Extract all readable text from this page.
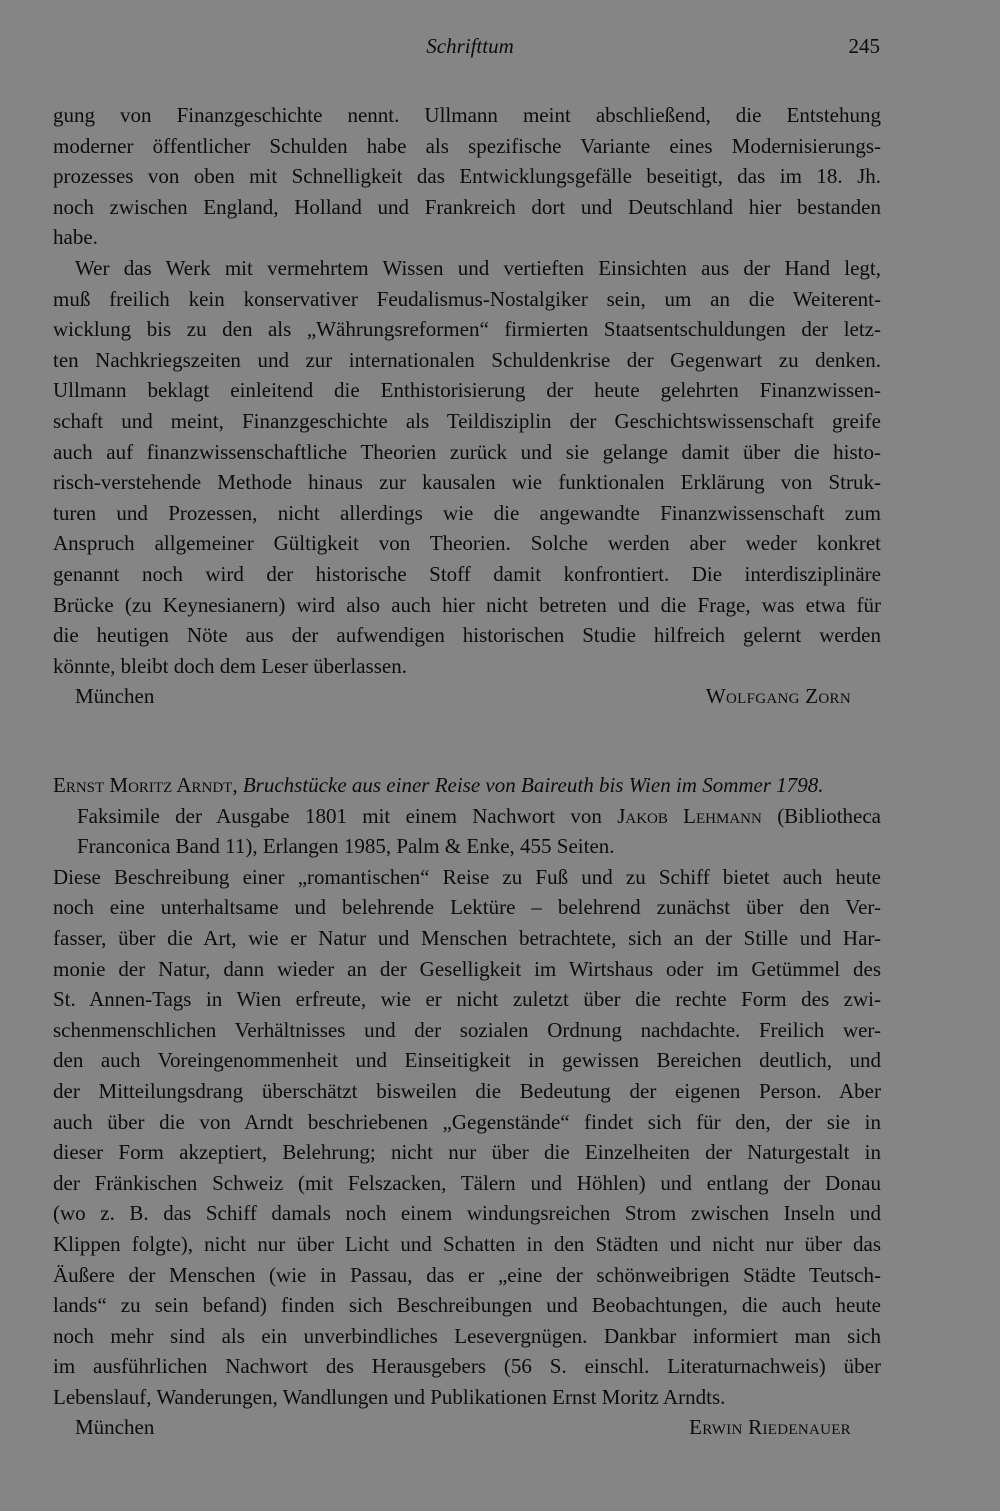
Schrifttum	245
gung von Finanzgeschichte nennt. Ullmann meint abschließend, die Entstehung
moderner öffentlicher Schulden habe als spezifische Variante eines Modernisierungs-
prozesses von oben mit Schnelligkeit das Entwicklungsgefälle beseitigt, das im 18. Jh.
noch zwischen England, Holland und Frankreich dort und Deutschland hier bestanden
habe.
Wer das Werk mit vermehrtem Wissen und vertieften Einsichten aus der Hand legt,
muß freilich kein konservativer Feudalismus-Nostalgiker sein, um an die Weiterent-
wicklung bis zu den als „Währungsreformen“ firmierten Staatsentschuldungen der letz-
ten Nachkriegszeiten und zur internationalen Schuldenkrise der Gegenwart zu denken.
Ullmann beklagt einleitend die Enthistorisierung der heute gelehrten Finanzwissen-
schaft und meint, Finanzgeschichte als Teildisziplin der Geschichtswissenschaft greife
auch auf finanzwissenschaftliche Theorien zurück und sie gelange damit über die histo-
risch-verstehende Methode hinaus zur kausalen wie funktionalen Erklärung von Struk-
turen und Prozessen, nicht allerdings wie die angewandte Finanzwissenschaft zum
Anspruch allgemeiner Gültigkeit von Theorien. Solche werden aber weder konkret
genannt noch wird der historische Stoff damit konfrontiert. Die interdisziplinäre
Brücke (zu Keynesianern) wird also auch hier nicht betreten und die Frage, was etwa für
die heutigen Nöte aus der aufwendigen historischen Studie hilfreich gelernt werden
könnte, bleibt doch dem Leser überlassen.
München	Wolfgang Zorn
Ernst Moritz Arndt, Bruchstücke aus einer Reise von Baireuth bis Wien im Sommer 1798.
Faksimile der Ausgabe 1801 mit einem Nachwort von Jakob Lehmann (Bibliotheca
Franconica Band 11), Erlangen 1985, Palm & Enke, 455 Seiten.
Diese Beschreibung einer „romantischen“ Reise zu Fuß und zu Schiff bietet auch heute
noch eine unterhaltsame und belehrende Lektüre – belehrend zunächst über den Ver-
fasser, über die Art, wie er Natur und Menschen betrachtete, sich an der Stille und Har-
monie der Natur, dann wieder an der Geselligkeit im Wirtshaus oder im Getümmel des
St. Annen-Tags in Wien erfreute, wie er nicht zuletzt über die rechte Form des zwi-
schenmenschlichen Verhältnisses und der sozialen Ordnung nachdachte. Freilich wer-
den auch Voreingenommenheit und Einseitigkeit in gewissen Bereichen deutlich, und
der Mitteilungsdrang überschätzt bisweilen die Bedeutung der eigenen Person. Aber
auch über die von Arndt beschriebenen „Gegenstände“ findet sich für den, der sie in
dieser Form akzeptiert, Belehrung; nicht nur über die Einzelheiten der Naturgestalt in
der Fränkischen Schweiz (mit Felszacken, Tälern und Höhlen) und entlang der Donau
(wo z. B. das Schiff damals noch einem windungsreichen Strom zwischen Inseln und
Klippen folgte), nicht nur über Licht und Schatten in den Städten und nicht nur über das
Äußere der Menschen (wie in Passau, das er „eine der schönweibrigen Städte Teutsch-
lands“ zu sein befand) finden sich Beschreibungen und Beobachtungen, die auch heute
noch mehr sind als ein unverbindliches Lesevergnügen. Dankbar informiert man sich
im ausführlichen Nachwort des Herausgebers (56 S. einschl. Literaturnachweis) über
Lebenslauf, Wanderungen, Wandlungen und Publikationen Ernst Moritz Arndts.
München	Erwin Riedenauer
